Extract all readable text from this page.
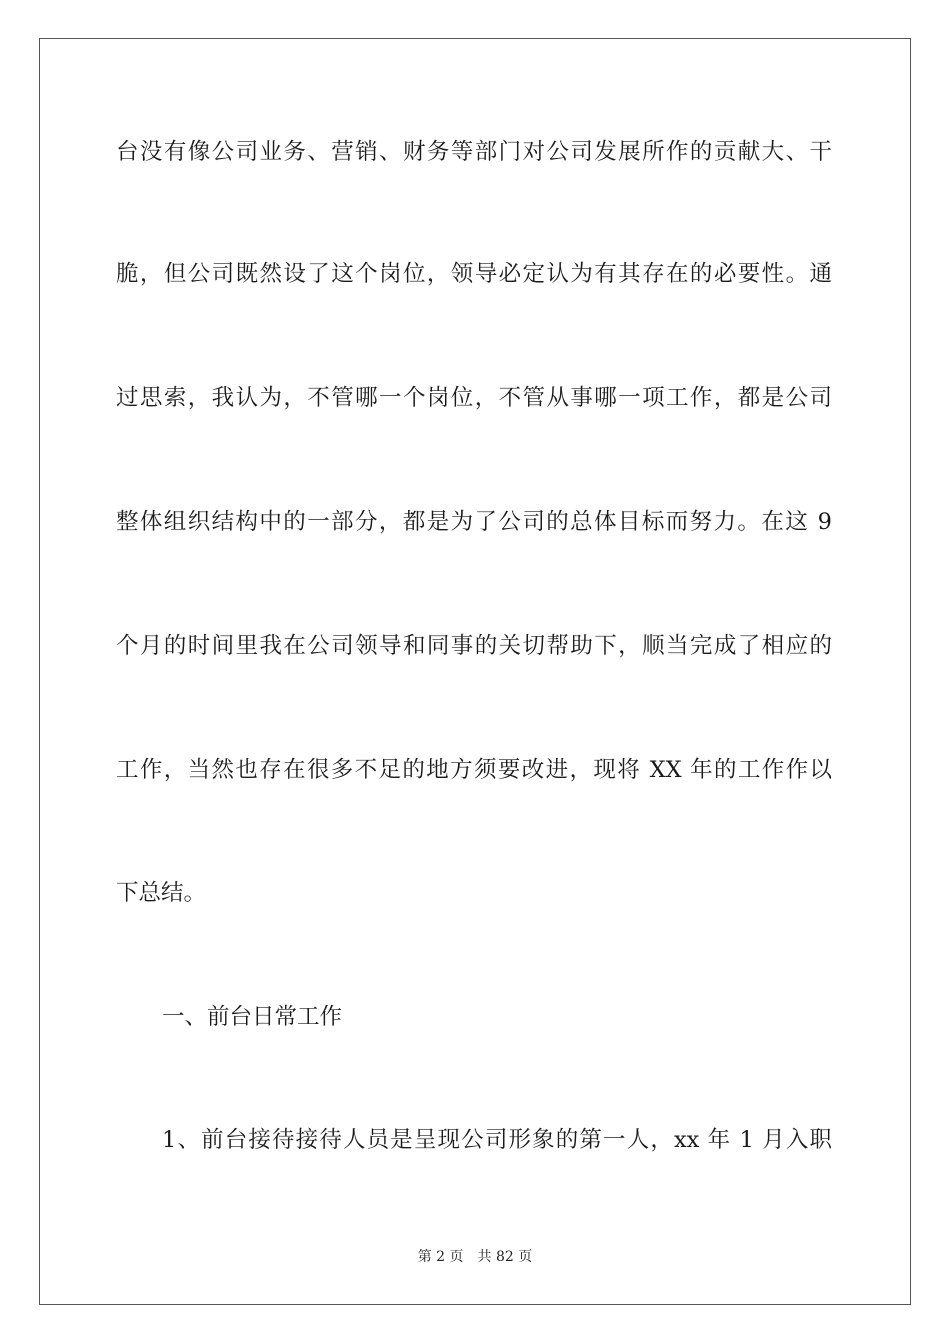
台没有像公司业务、营销、财务等部门对公司发展所作的贡献大、干
脆，但公司既然设了这个岗位，领导必定认为有其存在的必要性。通
过思索，我认为，不管哪一个岗位，不管从事哪一项工作，都是公司
整体组织结构中的一部分，都是为了公司的总体目标而努力。在这 9
个月的时间里我在公司领导和同事的关切帮助下，顺当完成了相应的
工作，当然也存在很多不足的地方须要改进，现将 XX 年的工作作以
下总结。
一、前台日常工作
1、前台接待接待人员是呈现公司形象的第一人，xx 年 1 月入职
第 2 页 共 82 页
